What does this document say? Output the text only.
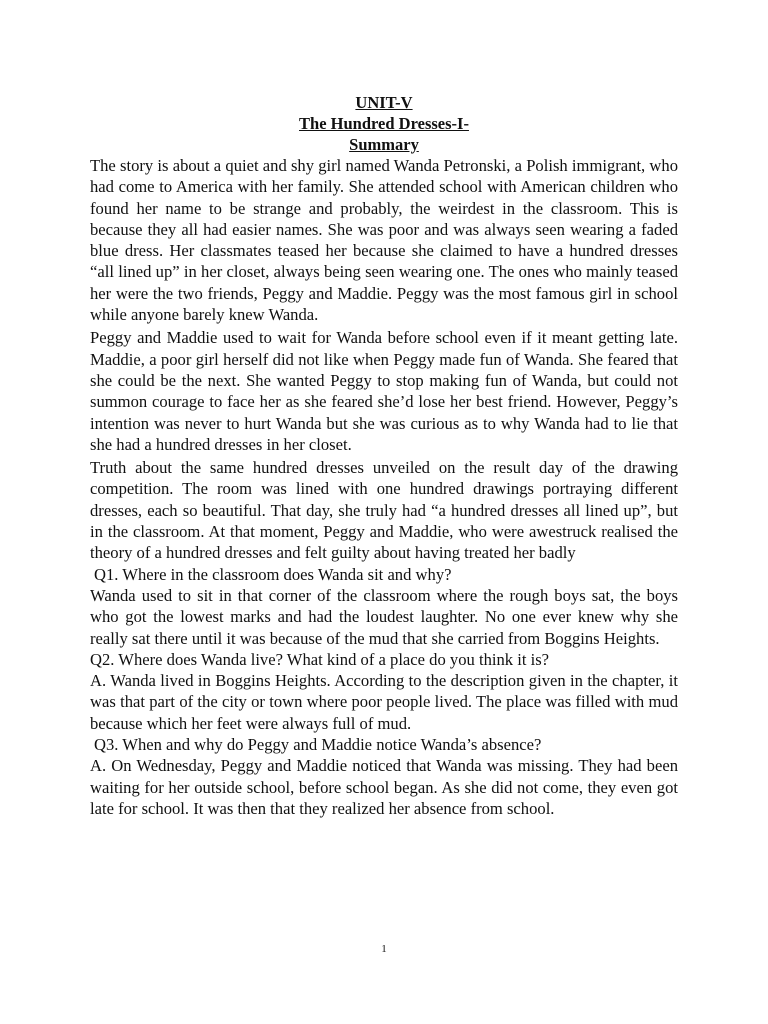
UNIT-V

The Hundred Dresses-I-

Summary

The story is about a quiet and shy girl named Wanda Petronski, a Polish immigrant, who had come to America with her family. She attended school with American children who found her name to be strange and probably, the weirdest in the classroom. This is because they all had easier names. She was poor and was always seen wearing a faded blue dress. Her classmates teased her because she claimed to have a hundred dresses “all lined up” in her closet, always being seen wearing one. The ones who mainly teased her were the two friends, Peggy and Maddie. Peggy was the most famous girl in school while anyone barely knew Wanda.

Peggy and Maddie used to wait for Wanda before school even if it meant getting late. Maddie, a poor girl herself did not like when Peggy made fun of Wanda. She feared that she could be the next. She wanted Peggy to stop making fun of Wanda, but could not summon courage to face her as she feared she’d lose her best friend. However, Peggy’s intention was never to hurt Wanda but she was curious as to why Wanda had to lie that she had a hundred dresses in her closet.

Truth about the same hundred dresses unveiled on the result day of the drawing competition. The room was lined with one hundred drawings portraying different dresses, each so beautiful. That day, she truly had “a hundred dresses all lined up”, but in the classroom. At that moment, Peggy and Maddie, who were awestruck realised the theory of a hundred dresses and felt guilty about having treated her badly

Q1. Where in the classroom does Wanda sit and why?

Wanda used to sit in that corner of the classroom where the rough boys sat, the boys who got the lowest marks and had the loudest laughter. No one ever knew why she really sat there until it was because of the mud that she carried from Boggins Heights.

Q2. Where does Wanda live? What kind of a place do you think it is?

A. Wanda lived in Boggins Heights. According to the description given in the chapter, it was that part of the city or town where poor people lived. The place was filled with mud because which her feet were always full of mud.

Q3. When and why do Peggy and Maddie notice Wanda’s absence?

A. On Wednesday, Peggy and Maddie noticed that Wanda was missing. They had been waiting for her outside school, before school began. As she did not come, they even got late for school. It was then that they realized her absence from school.

1
